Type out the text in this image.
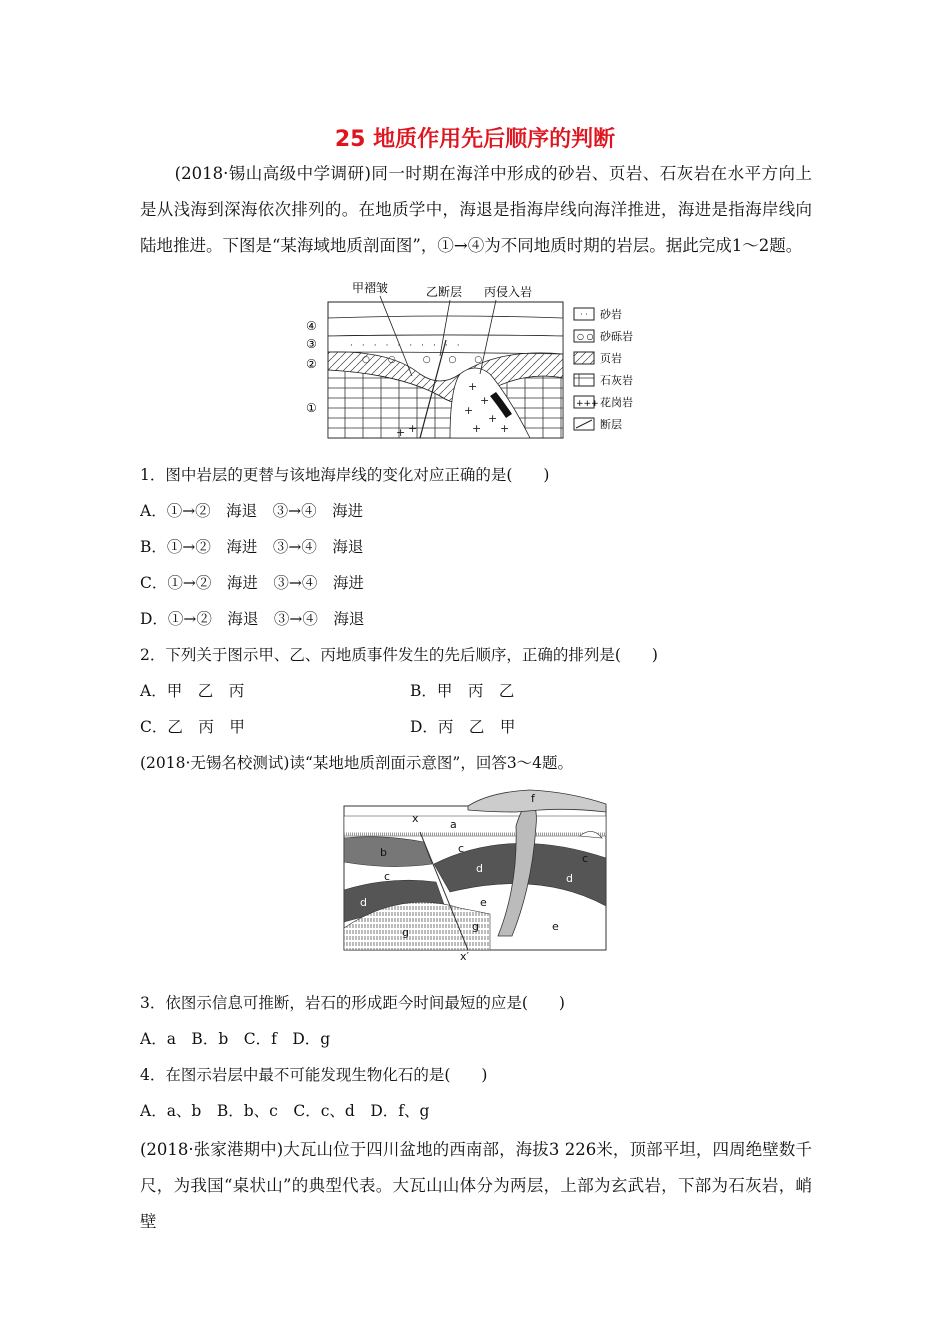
25 地质作用先后顺序的判断
(2018·锡山高级中学调研)同一时期在海洋中形成的砂岩、页岩、石灰岩在水平方向上是从浅海到深海依次排列的。在地质学中，海退是指海岸线向海洋推进，海进是指海岸线向陆地推进。下图是“某海域地质剖面图”，①→④为不同地质时期的岩层。据此完成1～2题。
+
+
+
+
+ +
+
+
·　·　·　·　·　·　·　·　·　·
○　　○　　　○　　○　　○
甲褶皱	乙断层 丙侵入岩
④
③
②
①
· · 砂岩
○ ○ 砂砾岩
页岩
石灰岩
+++ 花岗岩
断层
1．图中岩层的更替与该地海岸线的变化对应正确的是(　　)
A．①→②　海退　③→④　海进
B．①→②　海进　③→④　海退
C．①→②　海进　③→④　海进
D．①→②　海退　③→④　海退
2．下列关于图示甲、乙、丙地质事件发生的先后顺序，正确的排列是(　　)
A．甲　乙　丙	B．甲　丙　乙
C．乙　丙　甲	D．丙　乙　甲
(2018·无锡名校测试)读“某地地质剖面示意图”，回答3～4题。
a
b
c
c
c
d
d
d
e
e
f
g	g
x
x′
3．依图示信息可推断，岩石的形成距今时间最短的应是(　　)
A．a　B．b　C．f　D．g
4．在图示岩层中最不可能发现生物化石的是(　　)
A．a、b　B．b、c　C．c、d　D．f、g
(2018·张家港期中)大瓦山位于四川盆地的西南部，海拔3 226米，顶部平坦，四周绝壁数千尺，为我国“桌状山”的典型代表。大瓦山山体分为两层，上部为玄武岩，下部为石灰岩，峭壁
